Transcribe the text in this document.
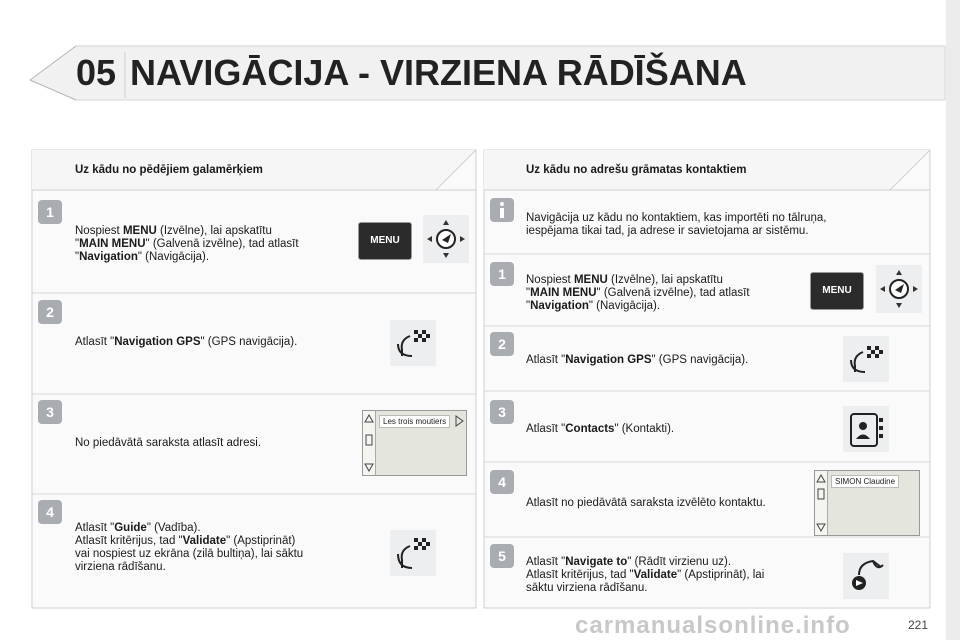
05 NAVIGĀCIJA - VIRZIENA RĀDĪŠANA
Uz kādu no pēdējiem galamērķiem	Uz kādu no adrešu grāmatas kontaktiem
1
Nospiest MENU (Izvēlne), lai apskatītu
"MAIN MENU" (Galvenā izvēlne), tad atlasīt
"Navigation" (Navigācija).
2
Atlasīt "Navigation GPS" (GPS navigācija).
3
No piedāvātā saraksta atlasīt adresi.
4
Atlasīt "Guide" (Vadība).
Atlasīt kritērijus, tad "Validate" (Apstiprināt)
vai nospiest uz ekrāna (zilā bultiņa), lai sāktu
virziena rādīšanu.
MENU
Les trois moutiers
Navigācija uz kādu no kontaktiem, kas importēti no tālruņa,
iespējama tikai tad, ja adrese ir savietojama ar sistēmu.
1	Nospiest MENU (Izvēlne), lai apskatītu
"MAIN MENU" (Galvenā izvēlne), tad atlasīt
"Navigation" (Navigācija).
2
Atlasīt "Navigation GPS" (GPS navigācija).
3
Atlasīt "Contacts" (Kontakti).
4
Atlasīt no piedāvātā saraksta izvēlēto kontaktu.
5	Atlasīt "Navigate to" (Rādīt virzienu uz).
Atlasīt kritērijus, tad "Validate" (Apstiprināt), lai
sāktu virziena rādīšanu.
MENU
SIMON Claudine
carmanualsonline.info	221
